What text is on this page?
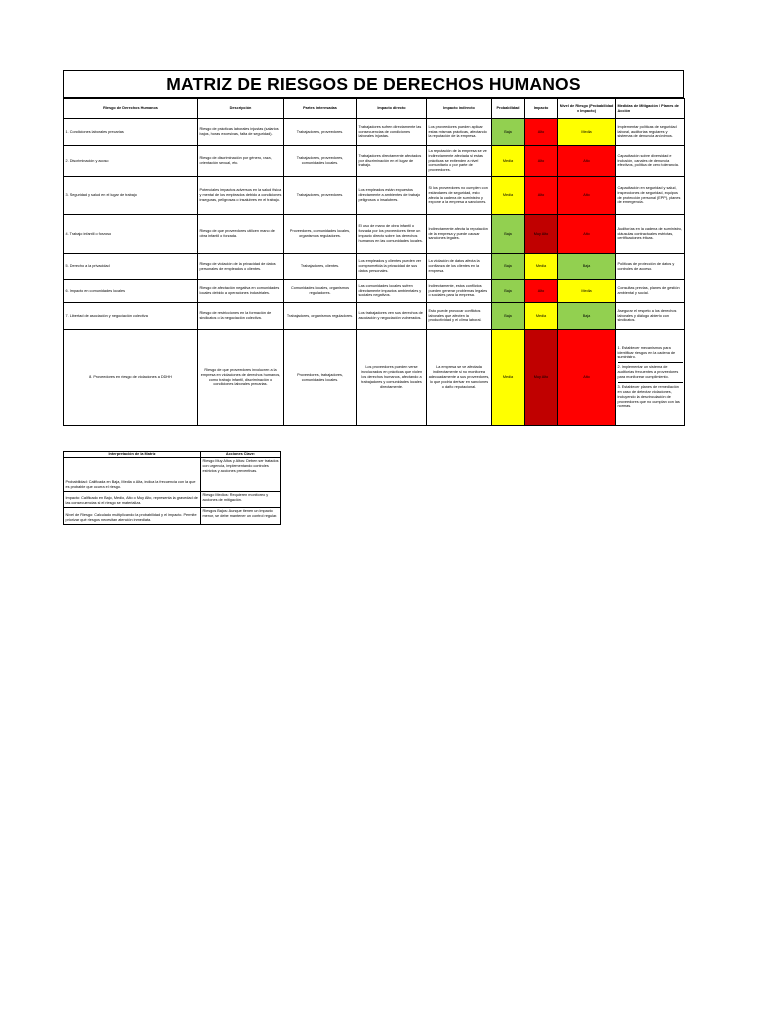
MATRIZ DE RIESGOS DE DERECHOS HUMANOS
Riesgo de Derechos Humanos	Descripción	Partes interesadas	Impacto directo	Impacto indirecto	Probabilidad	Impacto	Nivel de Riesgo (Probabilidad x Impacto)	Medidas de Mitigación / Planes de Acción
1. Condiciones laborales precarias	Riesgo de prácticas laborales injustas (salarios bajos, horas excesivas, falta de seguridad).	Trabajadores, proveedores.	Trabajadores sufren directamente las consecuencias de condiciones laborales injustas.	Los proveedores pueden aplicar estas mismas prácticas, afectando la reputación de la empresa.	Baja	Alto	Media	Implementar políticas de seguridad laboral, auditorías regulares y sistemas de denuncia anónimos.
2. Discriminación y acoso	Riesgo de discriminación por género, raza, orientación sexual, etc.	Trabajadores, proveedores, comunidades locales.	Trabajadores directamente afectados por discriminación en el lugar de trabajo.	La reputación de la empresa se ve indirectamente afectada si estas prácticas se extienden a nivel comunitario o por parte de proveedores.	Media	Alto	Alto	Capacitación sobre diversidad e inclusión, canales de denuncia efectivos, política de cero tolerancia.
3. Seguridad y salud en el lugar de trabajo	Potenciales impactos adversos en la salud física y mental de los empleados debido a condiciones inseguras, peligrosas o insalubres en el trabajo.	Trabajadores, proveedores.	Los empleados están expuestos directamente a ambientes de trabajo peligrosos o insalubres.	Si los proveedores no cumplen con estándares de seguridad, esto afecta la cadena de suministro y expone a la empresa a sanciones.	Media	Alto	Alto	Capacitación en seguridad y salud, inspecciones de seguridad, equipos de protección personal (EPP), planes de emergencia.
4. Trabajo infantil o forzoso	Riesgo de que proveedores utilicen mano de obra infantil o forzada.	Proveedores, comunidades locales, organismos reguladores.	El uso de mano de obra infantil o forzada por los proveedores tiene un impacto directo sobre los derechos humanos en las comunidades locales.	Indirectamente afecta la reputación de la empresa y puede causar sanciones legales.	Baja	Muy Alto	Alto	Auditorías en la cadena de suministro, cláusulas contractuales estrictas, certificaciones éticas.
5. Derecho a la privacidad	Riesgo de violación de la privacidad de datos personales de empleados o clientes.	Trabajadores, clientes.	Los empleados y clientes pueden ver comprometida la privacidad de sus datos personales.	La violación de datos afecta la confianza de los clientes en la empresa.	Baja	Media	Baja	Políticas de protección de datos y controles de acceso.
6. Impacto en comunidades locales	Riesgo de afectación negativa en comunidades locales debido a operaciones industriales.	Comunidades locales, organismos reguladores.	Las comunidades locales sufren directamente impactos ambientales y sociales negativos.	Indirectamente, estos conflictos pueden generar problemas legales o sociales para la empresa.	Baja	Alto	Media	Consultas previas, planes de gestión ambiental y social.
7. Libertad de asociación y negociación colectiva	Riesgo de restricciones en la formación de sindicatos o la negociación colectiva.	Trabajadores, organismos reguladores.	Los trabajadores ven sus derechos de asociación y negociación vulnerados.	Esto puede provocar conflictos laborales que afecten la productividad y el clima laboral.	Baja	Media	Baja	Asegurar el respeto a los derechos laborales y diálogo abierto con sindicatos.
8. Proveedores en riesgo de violaciones a DDHH	Riesgo de que proveedores involucren a la empresa en violaciones de derechos humanos, como trabajo infantil, discriminación o condiciones laborales precarias.	Proveedores, trabajadores, comunidades locales.	Los proveedores pueden verse involucrados en prácticas que violen los derechos humanos, afectando a trabajadores y comunidades locales directamente.	La empresa se ve afectada indirectamente si no monitorea adecuadamente a sus proveedores, lo que podría derivar en sanciones o daño reputacional.	Media	Muy Alto	Alto	1. Establecer mecanismos para identificar riesgos en la cadena de suministro.
2. Implementar un sistema de auditorías frecuentes a proveedores para monitorear cumplimiento.
3. Establecer planes de remediación en caso de detectar violaciones, incluyendo la desvinculación de proveedores que no cumplan con las normas.
Interpretación de la Matriz	Acciones Clave:
Probabilidad: Calificada en Baja, Media o Alta, indica la frecuencia con la que es probable que ocurra el riesgo.	Riesgo Muy Altos y Altos: Deben ser tratados con urgencia, implementando controles estrictos y acciones preventivas.
Impacto: Calificado en Bajo, Medio, Alto o Muy Alto, representa la gravedad de las consecuencias si el riesgo se materializa.	Riesgo Medios: Requieren monitoreo y acciones de mitigación.
Nivel de Riesgo: Calculado multiplicando la probabilidad y el impacto. Permite priorizar qué riesgos necesitan atención inmediata.	Riesgos Bajos: Aunque tienen un impacto menor, se debe mantener un control regular.
